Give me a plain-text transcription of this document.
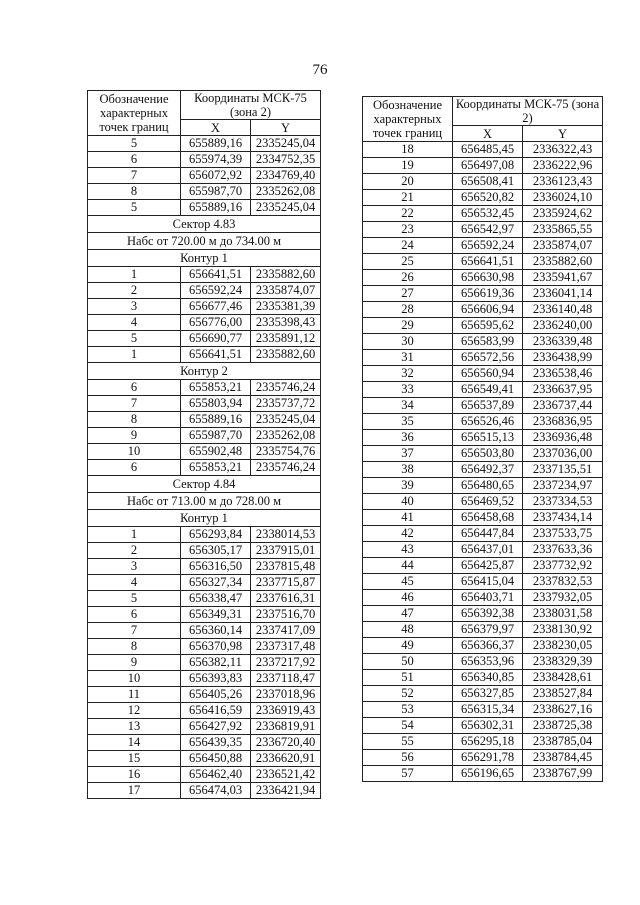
76
Обозначение характерных точек границ	Координаты МСК-75 (зона 2)	
	X	Y
5	655889,16	2335245,04
6	655974,39	2334752,35
7	656072,92	2334769,40
8	655987,70	2335262,08
5	655889,16	2335245,04
Сектор 4.83		
Набс от 720.00 м до 734.00 м		
Контур 1		
1	656641,51	2335882,60
2	656592,24	2335874,07
3	656677,46	2335381,39
4	656776,00	2335398,43
5	656690,77	2335891,12
1	656641,51	2335882,60
Контур 2		
6	655853,21	2335746,24
7	655803,94	2335737,72
8	655889,16	2335245,04
9	655987,70	2335262,08
10	655902,48	2335754,76
6	655853,21	2335746,24
Сектор 4.84		
Набс от 713.00 м до 728.00 м		
Контур 1		
1	656293,84	2338014,53
2	656305,17	2337915,01
3	656316,50	2337815,48
4	656327,34	2337715,87
5	656338,47	2337616,31
6	656349,31	2337516,70
7	656360,14	2337417,09
8	656370,98	2337317,48
9	656382,11	2337217,92
10	656393,83	2337118,47
11	656405,26	2337018,96
12	656416,59	2336919,43
13	656427,92	2336819,91
14	656439,35	2336720,40
15	656450,88	2336620,91
16	656462,40	2336521,42
17	656474,03	2336421,94
Обозначение характерных точек границ	Координаты МСК-75 (зона 2)	
	X	Y
18	656485,45	2336322,43
19	656497,08	2336222,96
20	656508,41	2336123,43
21	656520,82	2336024,10
22	656532,45	2335924,62
23	656542,97	2335865,55
24	656592,24	2335874,07
25	656641,51	2335882,60
26	656630,98	2335941,67
27	656619,36	2336041,14
28	656606,94	2336140,48
29	656595,62	2336240,00
30	656583,99	2336339,48
31	656572,56	2336438,99
32	656560,94	2336538,46
33	656549,41	2336637,95
34	656537,89	2336737,44
35	656526,46	2336836,95
36	656515,13	2336936,48
37	656503,80	2337036,00
38	656492,37	2337135,51
39	656480,65	2337234,97
40	656469,52	2337334,53
41	656458,68	2337434,14
42	656447,84	2337533,75
43	656437,01	2337633,36
44	656425,87	2337732,92
45	656415,04	2337832,53
46	656403,71	2337932,05
47	656392,38	2338031,58
48	656379,97	2338130,92
49	656366,37	2338230,05
50	656353,96	2338329,39
51	656340,85	2338428,61
52	656327,85	2338527,84
53	656315,34	2338627,16
54	656302,31	2338725,38
55	656295,18	2338785,04
56	656291,78	2338784,45
57	656196,65	2338767,99
